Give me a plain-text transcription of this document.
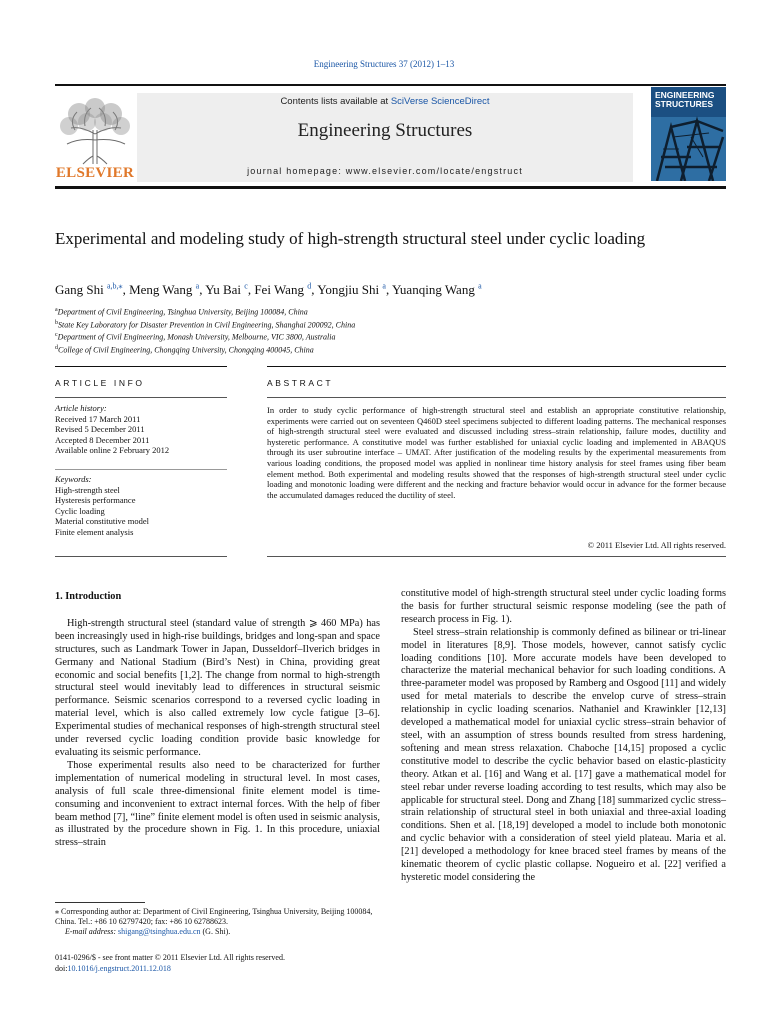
Engineering Structures 37 (2012) 1–13
ELSEVIER
Contents lists available at SciVerse ScienceDirect
Engineering Structures
journal homepage: www.elsevier.com/locate/engstruct
ENGINEERING STRUCTURES
Experimental and modeling study of high-strength structural steel under cyclic loading
Gang Shi $^{a,b,⁎}$, Meng Wang $^a$, Yu Bai $^c$, Fei Wang $^d$, Yongjiu Shi $^a$, Yuanqing Wang $^a$
$^a$Department of Civil Engineering, Tsinghua University, Beijing 100084, China
$^b$State Key Laboratory for Disaster Prevention in Civil Engineering, Shanghai 200092, China
$^c$Department of Civil Engineering, Monash University, Melbourne, VIC 3800, Australia
$^d$College of Civil Engineering, Chongqing University, Chongqing 400045, China
ARTICLE INFO	ABSTRACT
Article history:
Received 17 March 2011
Revised 5 December 2011
Accepted 8 December 2011
Available online 2 February 2012
Keywords:
High-strength steel
Hysteresis performance
Cyclic loading
Material constitutive model
Finite element analysis
In order to study cyclic performance of high-strength structural steel and establish an appropriate constitutive relationship, experiments were carried out on seventeen Q460D steel specimens subjected to different loading patterns. The mechanical responses of high-strength structural steel were evaluated and discussed including stress–strain relationship, failure modes, ductility and hysteretic performance. A constitutive model was further established for uniaxial cyclic loading and implemented in ABAQUS through its user subroutine interface – UMAT. After justification of the modeling results by the experimental measurements from various loading conditions, the proposed model was applied in nonlinear time history analysis for steel frames using fiber beam element method. Both experimental and modeling results showed that the responses of high-strength structural steel under cyclic loading and monotonic loading were different and the necking and fracture behavior would occur in advance for the former because the accumulated damages reduced the ductility of steel.
© 2011 Elsevier Ltd. All rights reserved.

1. Introduction

High-strength structural steel (standard value of strength ⩾ 460 MPa) has been increasingly used in high-rise buildings, bridges and long-span and space structures, such as Landmark Tower in Japan, Dusseldorf–Ilverich bridges in Germany and National Stadium (Bird’s Nest) in China, providing great economic and social benefits [1,2]. The change from normal to high-strength structural steel would inevitably lead to differences in structural seismic performance. Seismic scenarios correspond to a reversed cyclic loading in material level, which is also called extremely low cycle fatigue [3–6]. Experimental studies of mechanical responses of high-strength structural steel under reversed cyclic loading condition provide basic knowledge for evaluating its seismic performance.

Those experimental results also need to be characterized for further implementation of numerical modeling in structural level. In most cases, analysis of full scale three-dimensional finite element model is time-consuming and inconvenient to extract internal forces. With the help of fiber beam method [7], “line” finite element model is often used in seismic analysis, as illustrated by the procedure shown in Fig. 1. In this procedure, uniaxial stress–strain

constitutive model of high-strength structural steel under cyclic loading forms the basis for further structural seismic response modeling (see the path of research process in Fig. 1).

Steel stress–strain relationship is commonly defined as bilinear or tri-linear model in literatures [8,9]. Those models, however, cannot satisfy cyclic loading conditions [10]. More accurate models have been developed to characterize the material mechanical behavior for such loading conditions. A three-parameter model was proposed by Ramberg and Osgood [11] and widely used for metal materials to describe the envelop curve of stress–strain relationship in cyclic loading scenarios. Nathaniel and Krawinkler [12,13] developed a mathematical model for uniaxial cyclic stress–strain behavior of steel, with an assumption of stress bounds resulted from stress hardening, softening and mean stress relaxation. Chaboche [14,15] proposed a cyclic constitutive model to describe the cyclic behavior based on elastic-plasticity theory. Atkan et al. [16] and Wang et al. [17] gave a mathematical model for steel rebar under reverse loading according to test results, which may also be applicable for structural steel. Dong and Zhang [18] summarized cyclic stress–strain relationship of structural steel in both uniaxial and three-axial loading conditions. Shen et al. [18,19] developed a model to include both monotonic and cyclic behavior with a consideration of steel yield plateau. Maria et al. [21] developed a methodology for knee braced steel frames by means of the kinematic theorem of cyclic plastic collapse. Nogueiro et al. [22] verified a hysteretic model considering the

⁎ Corresponding author at: Department of Civil Engineering, Tsinghua University, Beijing 100084, China. Tel.: +86 10 62797420; fax: +86 10 62788623.
E-mail address: shigang@tsinghua.edu.cn (G. Shi).
0141-0296/$ - see front matter © 2011 Elsevier Ltd. All rights reserved.
doi:10.1016/j.engstruct.2011.12.018
